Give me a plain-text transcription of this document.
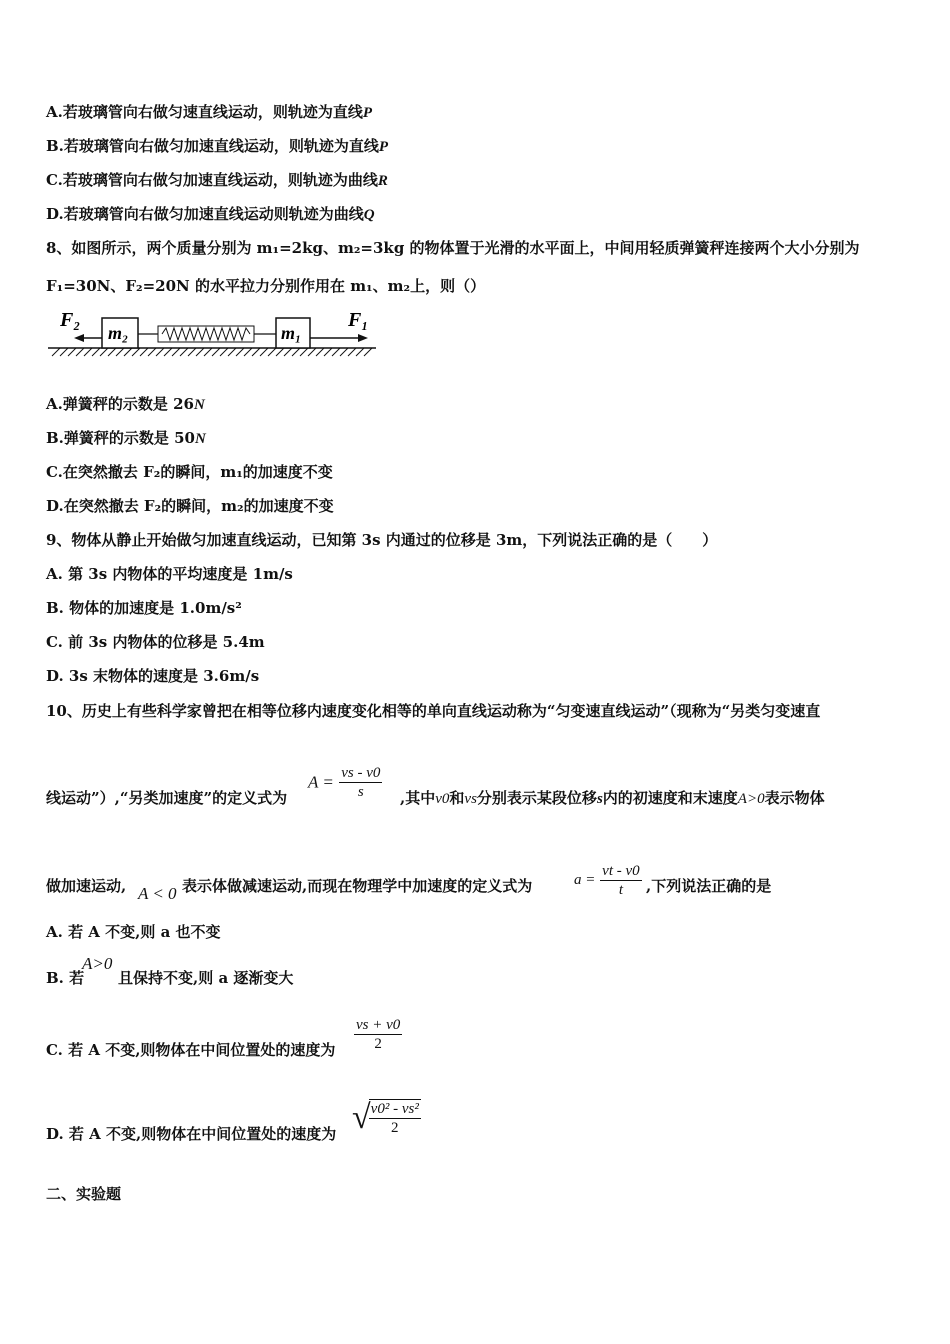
A.若玻璃管向右做匀速直线运动，则轨迹为直线P
B.若玻璃管向右做匀加速直线运动，则轨迹为直线P
C.若玻璃管向右做匀加速直线运动，则轨迹为曲线R
D.若玻璃管向右做匀加速直线运动则轨迹为曲线Q
8、如图所示，两个质量分别为 m₁=2kg、m₂=3kg 的物体置于光滑的水平面上，中间用轻质弹簧秤连接两个大小分别为
F₁=30N、F₂=20N 的水平拉力分别作用在 m₁、m₂上，则（）
F₂
m₂	m₁
F₁
A.弹簧秤的示数是 26N
B.弹簧秤的示数是 50N
C.在突然撤去 F₂的瞬间，m₁的加速度不变
D.在突然撤去 F₂的瞬间，m₂的加速度不变
9、物体从静止开始做匀加速直线运动，已知第 3s 内通过的位移是 3m，下列说法正确的是（　　）
A. 第 3s 内物体的平均速度是 1m/s
B. 物体的加速度是 1.0m/s²
C. 前 3s 内物体的位移是 5.4m
D. 3s 末物体的速度是 3.6m/s
10、历史上有些科学家曾把在相等位移内速度变化相等的单向直线运动称为“匀变速直线运动”（现称为“另类匀变速直
线运动”）,“另类加速度”的定义式为
$A = \frac{vs - v0}{s}$ ,其中v0和vs分别表示某段位移s内的初速度和末速度A>0表示物体
做加速运动, A < 0 表示体做减速运动,而现在物理学中加速度的定义式为	$a = \frac{vt - v0}{t}$ ,下列说法正确的是
A. 若 A 不变,则 a 也不变
B. 若
A>0
且保持不变,则 a 逐渐变大
C. 若 A 不变,则物体在中间位置处的速度为 $\frac{vs + v0}{2}$
D. 若 A 不变,则物体在中间位置处的速度为 √
$\frac{\text{v0² - vs²}}{2}$
二、实验题
